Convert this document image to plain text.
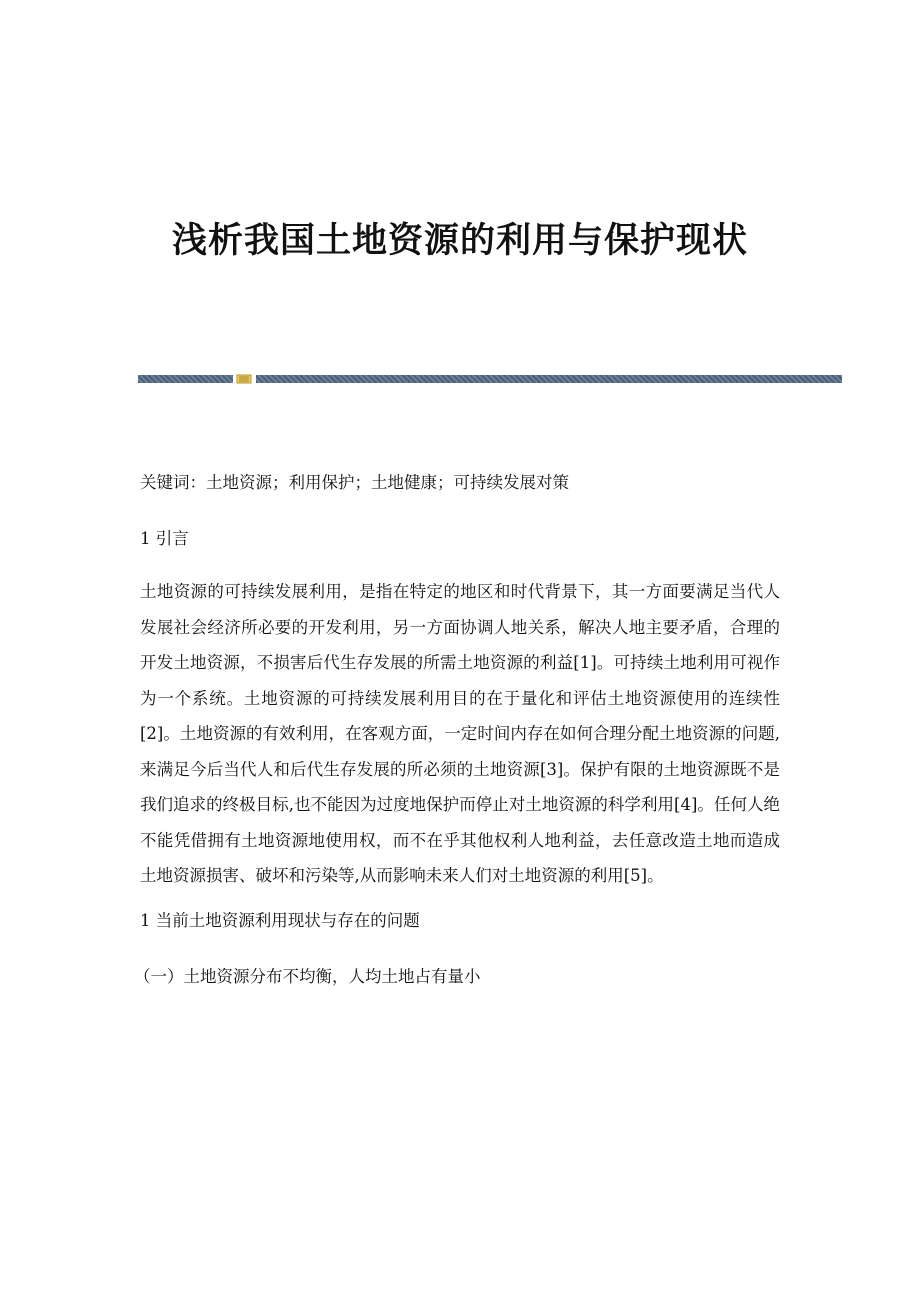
浅析我国土地资源的利用与保护现状

关键词：土地资源；利用保护；土地健康；可持续发展对策

1 引言

土地资源的可持续发展利用，是指在特定的地区和时代背景下，其一方面要满足当代人发展社会经济所必要的开发利用，另一方面协调人地关系，解决人地主要矛盾，合理的开发土地资源，不损害后代生存发展的所需土地资源的利益[1]。可持续土地利用可视作为一个系统。土地资源的可持续发展利用目的在于量化和评估土地资源使用的连续性[2]。土地资源的有效利用，在客观方面，一定时间内存在如何合理分配土地资源的问题,来满足今后当代人和后代生存发展的所必须的土地资源[3]。保护有限的土地资源既不是我们追求的终极目标,也不能因为过度地保护而停止对土地资源的科学利用[4]。任何人绝不能凭借拥有土地资源地使用权，而不在乎其他权利人地利益，去任意改造土地而造成土地资源损害、破坏和污染等,从而影响未来人们对土地资源的利用[5]。

1 当前土地资源利用现状与存在的问题

（一）土地资源分布不均衡，人均土地占有量小
